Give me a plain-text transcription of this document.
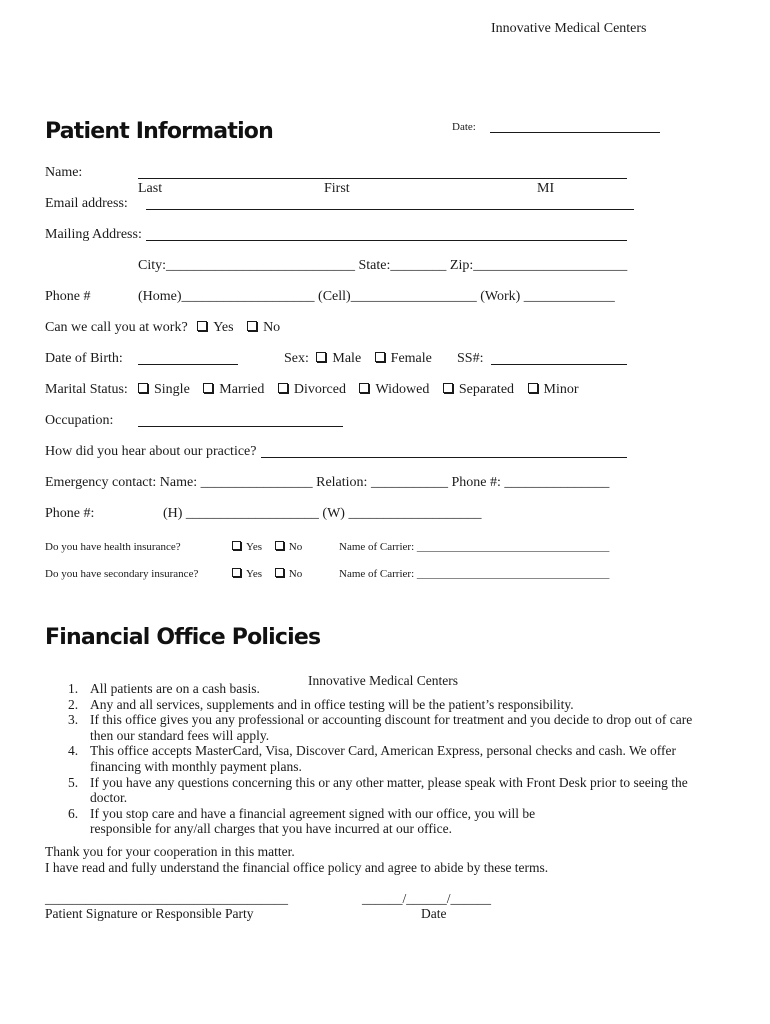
Innovative Medical Centers
Patient Information	Date:
Name:
Last	First	MI
Email address:
Mailing Address:
City:___________________________ State:________ Zip:______________________
Phone #	(Home)___________________ (Cell)__________________ (Work) _____________
Can we call you at work? Yes No
Date of Birth:	Sex: Male Female SS#:
Marital Status:	Single Married Divorced Widowed Separated Minor
Occupation:
How did you hear about our practice?
Emergency contact: Name: ________________ Relation: ___________ Phone #: _______________
Phone #:	(H) ___________________ (W) ___________________
Do you have health insurance?	Yes No	Name of Carrier: ___________________________________
Do you have secondary insurance?	Yes No	Name of Carrier: ___________________________________
Financial Office Policies
Innovative Medical Centers
1. All patients are on a cash basis.
2. Any and all services, supplements and in office testing will be the patient’s responsibility.
3. If this office gives you any professional or accounting discount for treatment and you decide to drop out of care
then our standard fees will apply.
4. This office accepts MasterCard, Visa, Discover Card, American Express, personal checks and cash. We offer
financing with monthly payment plans.
5. If you have any questions concerning this or any other matter, please speak with Front Desk prior to seeing the
doctor.
6. If you stop care and have a financial agreement signed with our office, you will be
responsible for any/all charges that you have incurred at our office.
Thank you for your cooperation in this matter.
I have read and fully understand the financial office policy and agree to abide by these terms.
____________________________________
Patient Signature or Responsible Party
______/______/______
Date
